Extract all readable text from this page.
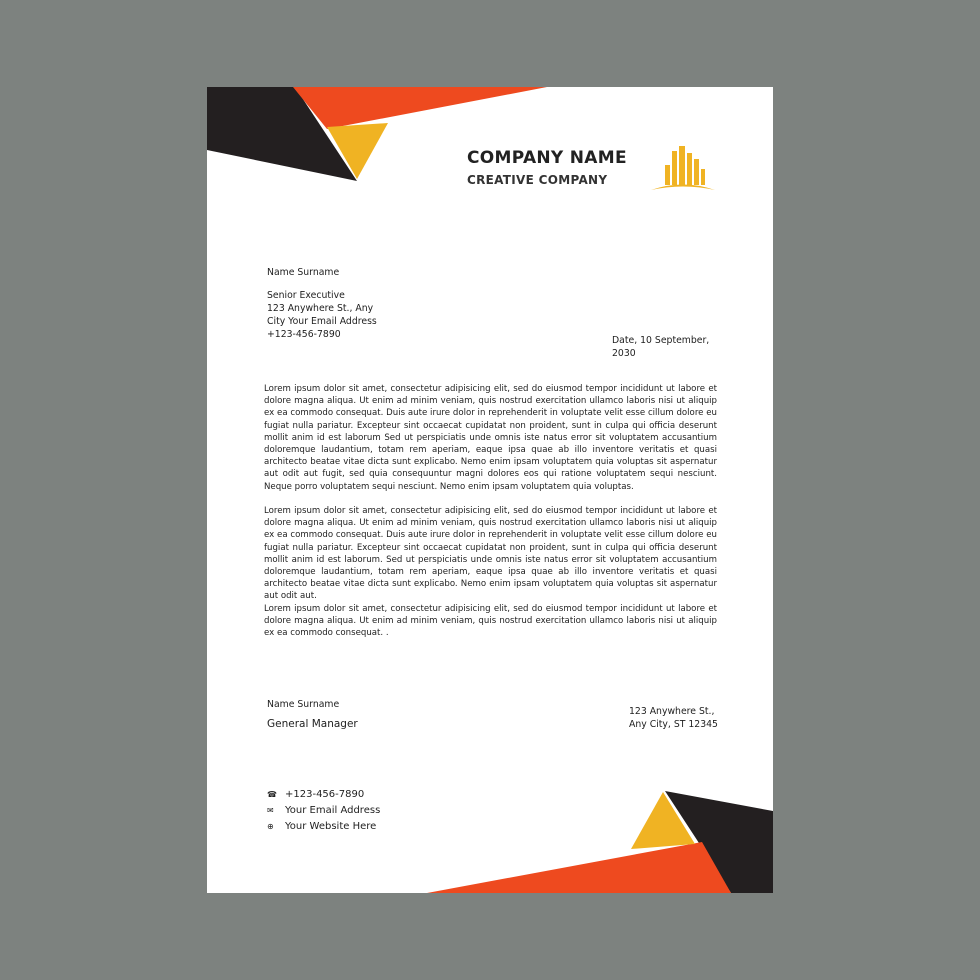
COMPANY NAME
CREATIVE COMPANY
Name Surname
Senior Executive
123 Anywhere St., Any
City Your Email Address
+123-456-7890
Date, 10 September,
2030
Lorem ipsum dolor sit amet, consectetur adipisicing elit, sed do eiusmod tempor incididunt ut labore et dolore magna aliqua. Ut enim ad minim veniam, quis nostrud exercitation ullamco laboris nisi ut aliquip ex ea commodo consequat. Duis aute irure dolor in reprehenderit in voluptate velit esse cillum dolore eu fugiat nulla pariatur. Excepteur sint occaecat cupidatat non proident, sunt in culpa qui officia deserunt mollit anim id est laborum Sed ut perspiciatis unde omnis iste natus error sit voluptatem accusantium doloremque laudantium, totam rem aperiam, eaque ipsa quae ab illo inventore veritatis et quasi architecto beatae vitae dicta sunt explicabo. Nemo enim ipsam voluptatem quia voluptas sit aspernatur aut odit aut fugit, sed quia consequuntur magni dolores eos qui ratione voluptatem sequi nesciunt. Neque porro voluptatem sequi nesciunt. Nemo enim ipsam voluptatem quia voluptas.
Lorem ipsum dolor sit amet, consectetur adipisicing elit, sed do eiusmod tempor incididunt ut labore et dolore magna aliqua. Ut enim ad minim veniam, quis nostrud exercitation ullamco laboris nisi ut aliquip ex ea commodo consequat. Duis aute irure dolor in reprehenderit in voluptate velit esse cillum dolore eu fugiat nulla pariatur. Excepteur sint occaecat cupidatat non proident, sunt in culpa qui officia deserunt mollit anim id est laborum. Sed ut perspiciatis unde omnis iste natus error sit voluptatem accusantium doloremque laudantium, totam rem aperiam, eaque ipsa quae ab illo inventore veritatis et quasi architecto beatae vitae dicta sunt explicabo. Nemo enim ipsam voluptatem quia voluptas sit aspernatur aut odit aut.
Lorem ipsum dolor sit amet, consectetur adipisicing elit, sed do eiusmod tempor incididunt ut labore et dolore magna aliqua. Ut enim ad minim veniam, quis nostrud exercitation ullamco laboris nisi ut aliquip ex ea commodo consequat. .
Name Surname
General Manager
123 Anywhere St.,
Any City, ST 12345
☎ +123-456-7890
✉ Your Email Address
⊕ Your Website Here
